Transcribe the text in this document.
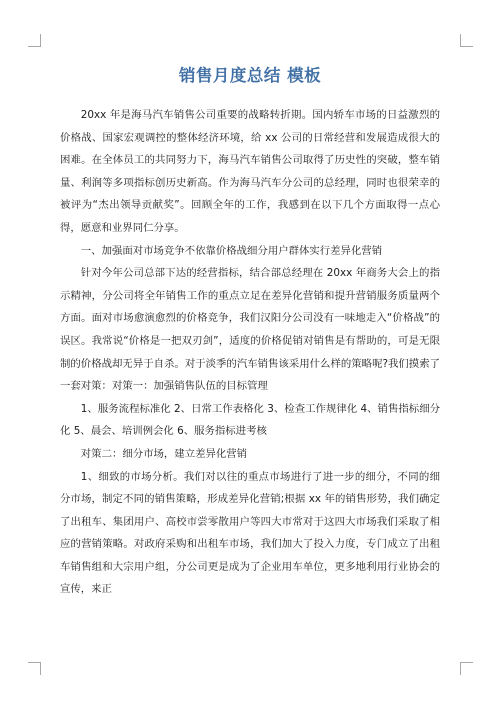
销售月度总结 模板

20xx 年是海马汽车销售公司重要的战略转折期。国内轿车市场的日益激烈的价格战、国家宏观调控的整体经济环境，给 xx 公司的日常经营和发展造成很大的困难。在全体员工的共同努力下，海马汽车销售公司取得了历史性的突破，整车销量、利润等多项指标创历史新高。作为海马汽车分公司的总经理，同时也很荣幸的被评为“杰出领导贡献奖”。回顾全年的工作，我感到在以下几个方面取得一点心得，愿意和业界同仁分享。

一、加强面对市场竞争不依靠价格战细分用户群体实行差异化营销

针对今年公司总部下达的经营指标，结合部总经理在 20xx 年商务大会上的指示精神，分公司将全年销售工作的重点立足在差异化营销和提升营销服务质量两个方面。面对市场愈演愈烈的价格竞争，我们汉阳分公司没有一味地走入“价格战”的误区。我常说“价格是一把双刃剑”，适度的价格促销对销售是有帮助的，可是无限制的价格战却无异于自杀。对于淡季的汽车销售该采用什么样的策略呢?我们摸索了一套对策：对策一：加强销售队伍的目标管理

1、服务流程标准化 2、日常工作表格化 3、检查工作规律化 4、销售指标细分化 5、晨会、培训例会化 6、服务指标进考核

对策二：细分市场，建立差异化营销

1、细致的市场分析。我们对以往的重点市场进行了进一步的细分，不同的细分市场，制定不同的销售策略，形成差异化营销;根据 xx 年的销售形势，我们确定了出租车、集团用户、高校市尝零散用户等四大市常对于这四大市场我们采取了相应的营销策略。对政府采购和出租车市场，我们加大了投入力度，专门成立了出租车销售组和大宗用户组，分公司更是成为了企业用车单位，更多地利用行业协会的宣传，来正
